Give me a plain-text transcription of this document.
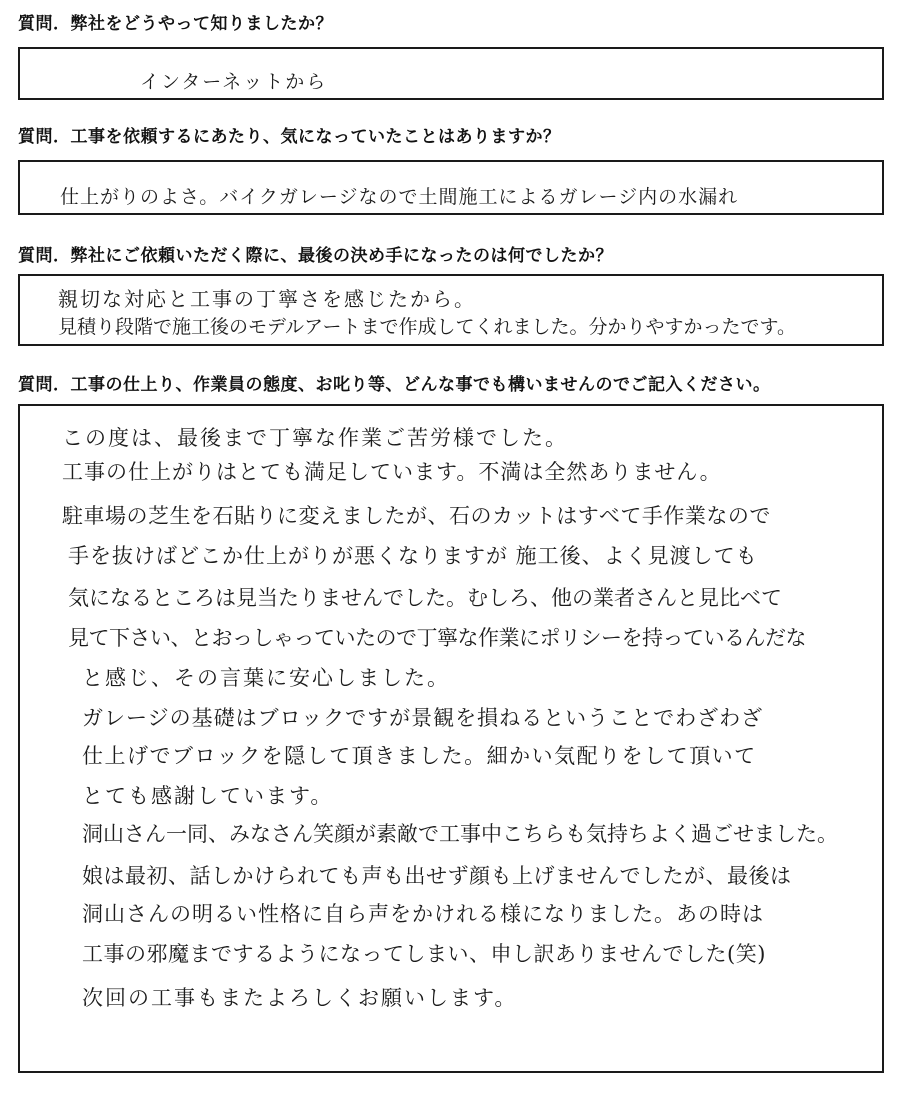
質問．弊社をどうやって知りましたか？
インターネットから
質問．工事を依頼するにあたり、気になっていたことはありますか？
仕上がりのよさ。バイクガレージなので土間施工によるガレージ内の水漏れ
質問．弊社にご依頼いただく際に、最後の決め手になったのは何でしたか？
親切な対応と工事の丁寧さを感じたから。
見積り段階で施工後のモデルアートまで作成してくれました。分かりやすかったです。
質問．工事の仕上り、作業員の態度、お叱り等、どんな事でも構いませんのでご記入ください。
この度は、最後まで丁寧な作業ご苦労様でした。
工事の仕上がりはとても満足しています。不満は全然ありません。
駐車場の芝生を石貼りに変えましたが、石のカットはすべて手作業なので
手を抜けばどこか仕上がりが悪くなりますが 施工後、よく見渡しても
気になるところは見当たりませんでした。むしろ、他の業者さんと見比べて
見て下さい、とおっしゃっていたので丁寧な作業にポリシーを持っているんだな
と感じ、その言葉に安心しました。
ガレージの基礎はブロックですが景観を損ねるということでわざわざ
仕上げでブロックを隠して頂きました。細かい気配りをして頂いて
とても感謝しています。
洞山さん一同、みなさん笑顔が素敵で工事中こちらも気持ちよく過ごせました。
娘は最初、話しかけられても声も出せず顔も上げませんでしたが、最後は
洞山さんの明るい性格に自ら声をかけれる様になりました。あの時は
工事の邪魔までするようになってしまい、申し訳ありませんでした(笑)
次回の工事もまたよろしくお願いします。
